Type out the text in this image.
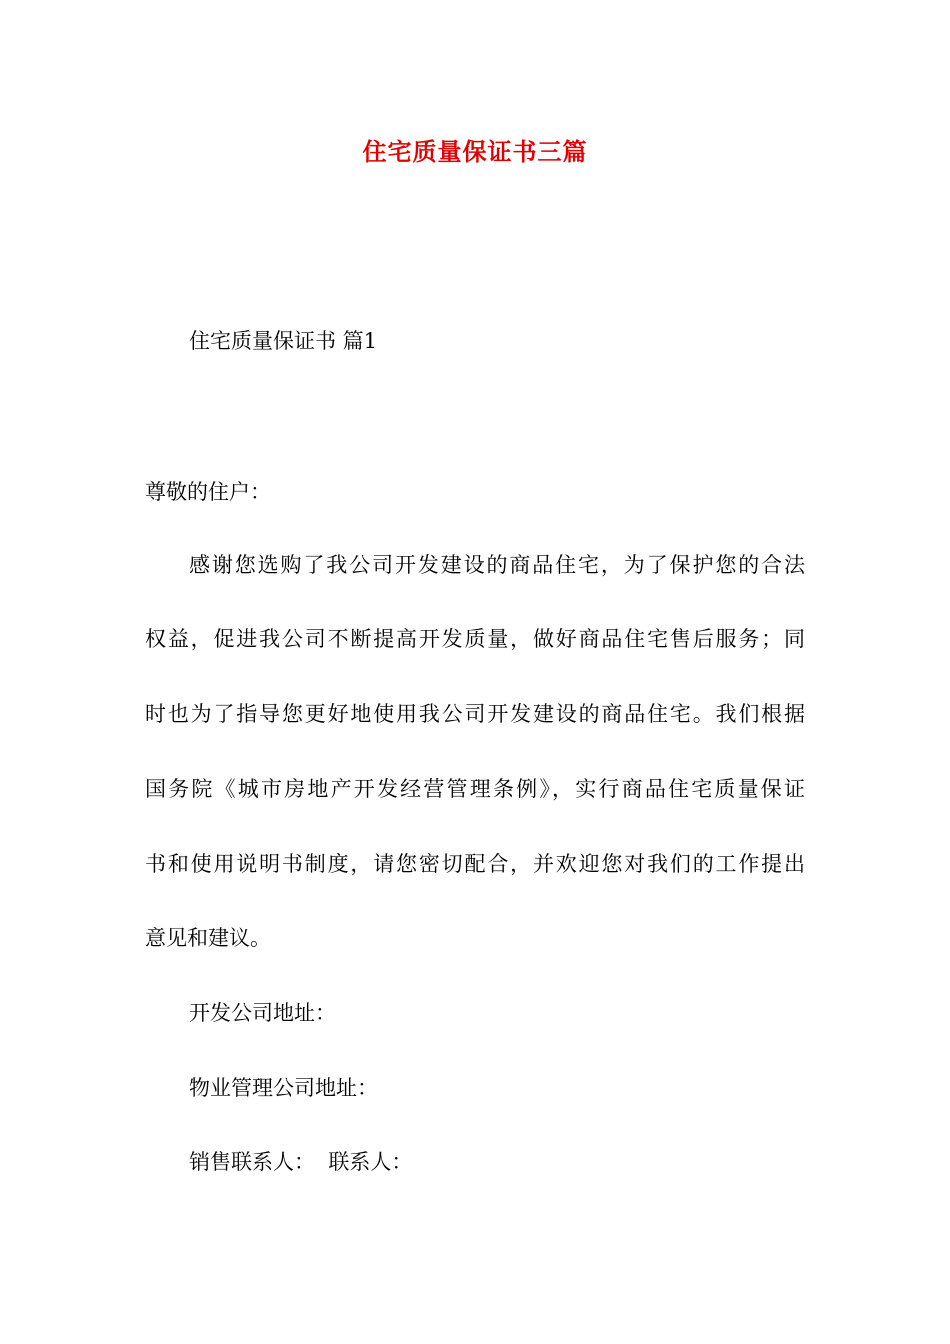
住宅质量保证书三篇
住宅质量保证书 篇1
尊敬的住户：
感谢您选购了我公司开发建设的商品住宅，为了保护您的合法
权益，促进我公司不断提高开发质量，做好商品住宅售后服务；同
时也为了指导您更好地使用我公司开发建设的商品住宅。我们根据
国务院《城市房地产开发经营管理条例》，实行商品住宅质量保证
书和使用说明书制度，请您密切配合，并欢迎您对我们的工作提出
意见和建议。
开发公司地址：
物业管理公司地址：
销售联系人：  联系人：
